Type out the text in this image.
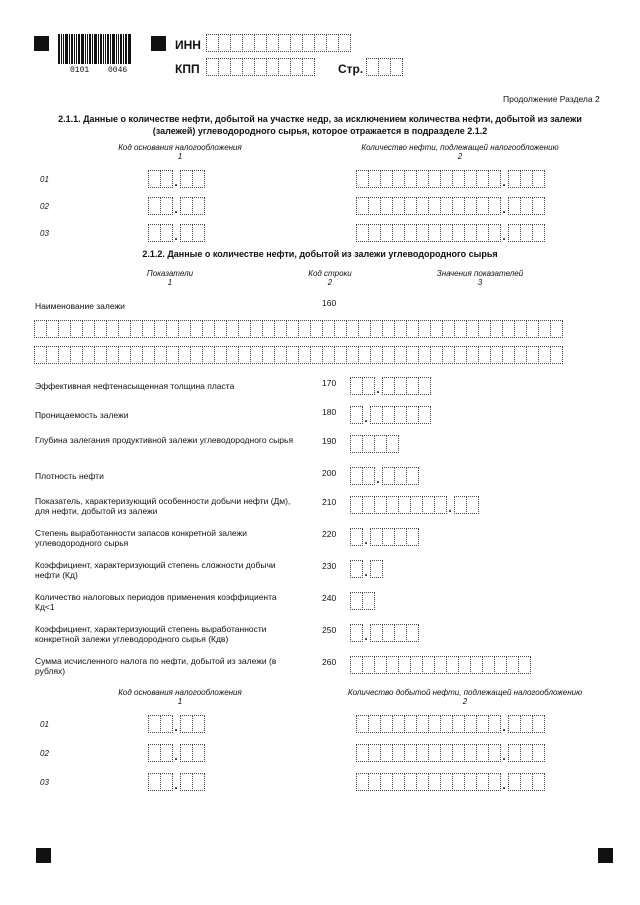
0101 0046
ИНН
КПП	Стр.
Продолжение Раздела 2
2.1.1. Данные о количестве нефти, добытой на участке недр, за исключением количества нефти, добытой из залежи
(залежей) углеводородного сырья, которое отражается в подразделе 2.1.2
Код основания налогообложения
1
Количество нефти, подлежащей налогообложению
2
01	.	.
02	.	.
03	.	.
2.1.2. Данные о количестве нефти, добытой из залежи углеводородного сырья
Показатели
1
Код строки
2
Значения показателей
3
Наименование залежи	160
Эффективная нефтенасыщенная толщина пласта	170	.
Проницаемость залежи	180 .
Глубина залегания продуктивной залежи углеводородного сырья	190
Плотность нефти	200	.
Показатель, характеризующий особенности добычи нефти (Дм), для нефти, добытой из залежи
210	.
Степень выработанности запасов конкретной залежи углеводородного сырья
220 .
Коэффициент, характеризующий степень сложности добычи нефти (Кд)
230 .
Количество налоговых периодов применения коэффициента Кд<1
240
Коэффициент, характеризующий степень выработанности конкретной залежи углеводородного сырья (Кдв)
250 .
Сумма исчисленного налога по нефти, добытой из залежи (в рублях)
260
Код основания налогообложения
1
Количество добытой нефти, подлежащей налогообложению
2
01	.	.
02	.	.
03	.	.
